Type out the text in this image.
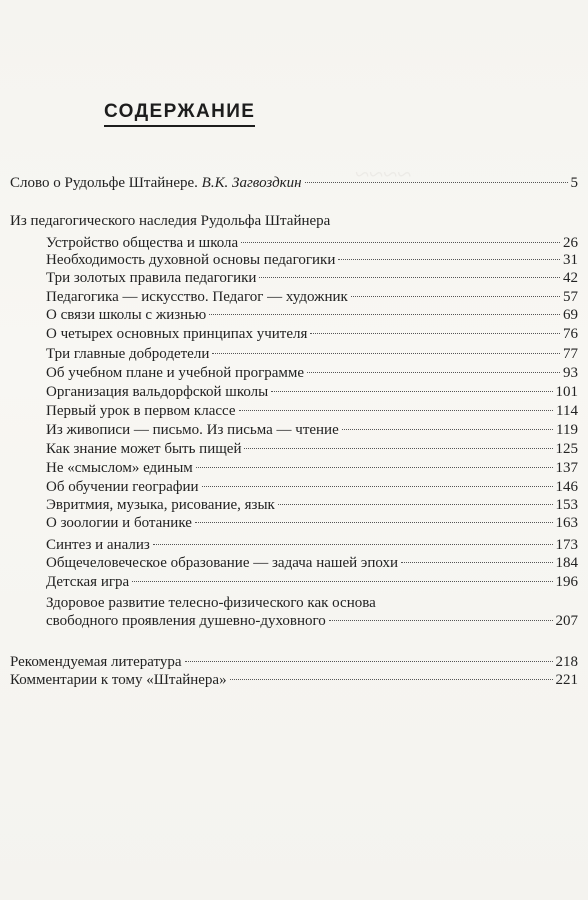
~~~~
СОДЕРЖАНИЕ
Слово о Рудольфе Штайнере. В.К. Загвоздкин	5
Из педагогического наследия Рудольфа Штайнера
Устройство общества и школа	26
Необходимость духовной основы педагогики	31
Три золотых правила педагогики	42
Педагогика — искусство. Педагог — художник	57
О связи школы с жизнью	69
О четырех основных принципах учителя	76
Три главные добродетели	77
Об учебном плане и учебной программе	93
Организация вальдорфской школы	101
Первый урок в первом классе	114
Из живописи — письмо. Из письма — чтение	119
Как знание может быть пищей	125
Не «смыслом» единым	137
Об обучении географии	146
Эвритмия, музыка, рисование, язык	153
О зоологии и ботанике	163
Синтез и анализ	173
Общечеловеческое образование — задача нашей эпохи	184
Детская игра	196
Здоровое развитие телесно-физического как основа
свободного проявления душевно-духовного	207
Рекомендуемая литература	218
Комментарии к тому «Штайнера»	221
